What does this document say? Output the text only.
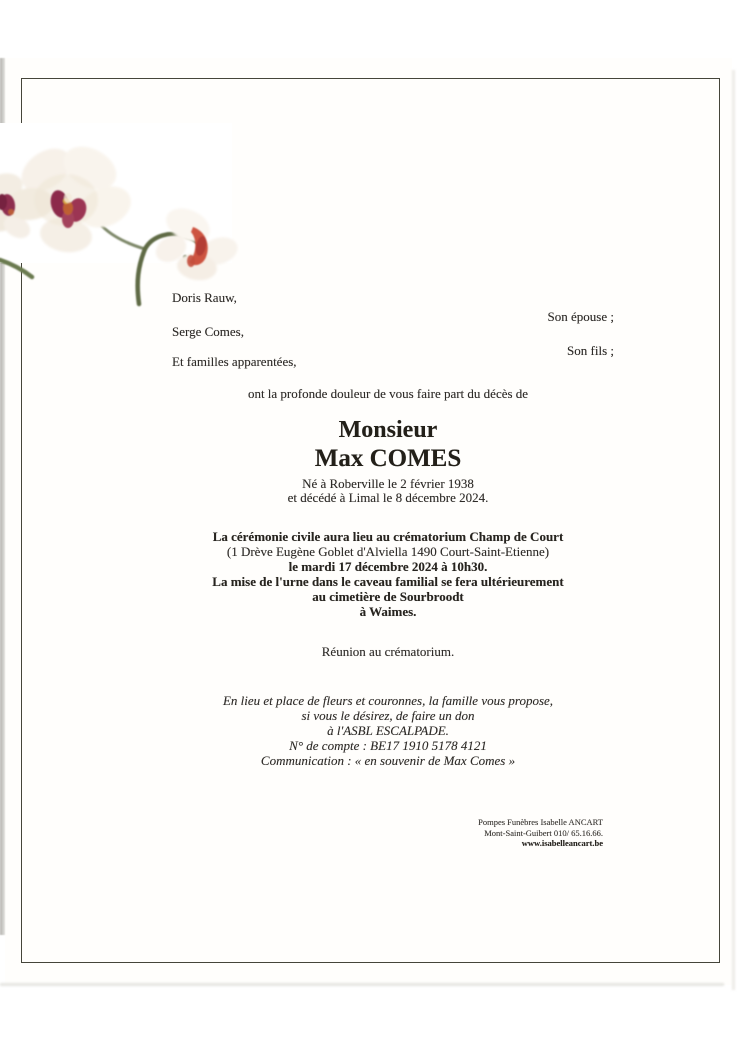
Doris Rauw,
Son épouse ;
Serge Comes,
Son fils ;
Et familles apparentées,
ont la profonde douleur de vous faire part du décès de
Monsieur
Max COMES
Né à Roberville le 2 février 1938
et décédé à Limal le 8 décembre 2024.
La cérémonie civile aura lieu au crématorium Champ de Court
(1 Drève Eugène Goblet d'Alviella 1490 Court-Saint-Etienne)
le mardi 17 décembre 2024 à 10h30.
La mise de l'urne dans le caveau familial se fera ultérieurement
au cimetière de Sourbroodt
à Waimes.
Réunion au crématorium.
En lieu et place de fleurs et couronnes, la famille vous propose,
si vous le désirez, de faire un don
à l'ASBL ESCALPADE.
N° de compte : BE17 1910 5178 4121
Communication : « en souvenir de Max Comes »
Pompes Funèbres Isabelle ANCART
Mont-Saint-Guibert 010/ 65.16.66.
www.isabelleancart.be
